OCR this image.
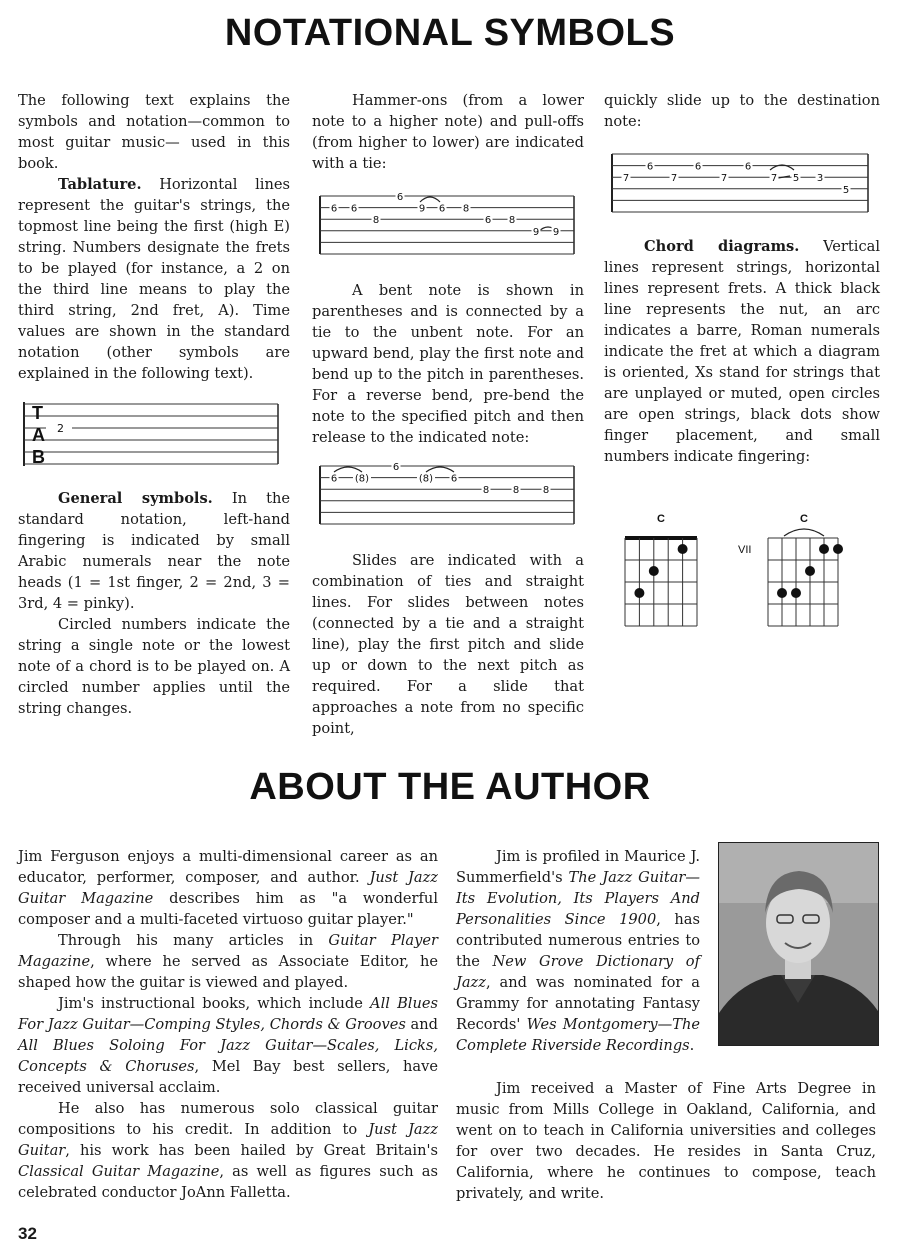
NOTATIONAL SYMBOLS

The following text explains the symbols and notation—common to most guitar music— used in this book.

Tablature. Horizontal lines represent the guitar's strings, the topmost line being the first (high E) string. Numbers designate the frets to be played (for instance, a 2 on the third line means to play the third string, 2nd fret, A). Time values are shown in the standard notation (other symbols are explained in the following text).

T
A
B
2

General symbols. In the standard notation, left-hand fingering is indicated by small Arabic numerals near the note heads (1 = 1st finger, 2 = 2nd, 3 = 3rd, 4 = pinky).

Circled numbers indicate the string a single note or the lowest note of a chord is to be played on. A circled number applies until the string changes.

Hammer-ons (from a lower note to a higher note) and pull-offs (from higher to lower) are indicated with a tie:

6 6
8
6
9 6 8
6 8
9 9

A bent note is shown in parentheses and is connected by a tie to the unbent note. For an upward bend, play the first note and bend up to the pitch in parentheses. For a reverse bend, pre-bend the note to the specified pitch and then release to the indicated note:

6 (8)
6
(8) 6
8 8 8

Slides are indicated with a combination of ties and straight lines. For slides between notes (connected by a tie and a straight line), play the first pitch and slide up or down to the next pitch as required. For a slide that approaches a note from no specific point,

quickly slide up to the destination note:

7
6
7
6
7
6
7 5 3
5

Chord diagrams. Vertical lines represent strings, horizontal lines represent frets. A thick black line represents the nut, an arc indicates a barre, Roman numerals indicate the fret at which a diagram is oriented, Xs stand for strings that are unplayed or muted, open circles are open strings, black dots show finger placement, and small numbers indicate fingering:

C	C
VII
ABOUT THE AUTHOR

Jim Ferguson enjoys a multi-dimensional career as an educator, performer, composer, and author. Just Jazz Guitar Magazine describes him as "a wonderful composer and a multi-faceted virtuoso guitar player."

Through his many articles in Guitar Player Magazine, where he served as Associate Editor, he shaped how the guitar is viewed and played.

Jim's instructional books, which include All Blues For Jazz Guitar—Comping Styles, Chords & Grooves and All Blues Soloing For Jazz Guitar—Scales, Licks, Concepts & Choruses, Mel Bay best sellers, have received universal acclaim.

He also has numerous solo classical guitar compositions to his credit. In addition to Just Jazz Guitar, his work has been hailed by Great Britain's Classical Guitar Magazine, as well as figures such as celebrated conductor JoAnn Falletta.

Jim is profiled in Maurice J. Summerfield's The Jazz Guitar—Its Evolution, Its Players And Personalities Since 1900, has contributed numerous entries to the New Grove Dictionary of Jazz, and was nominated for a Grammy for annotating Fantasy Records' Wes Montgomery—The Complete Riverside Recordings.

Jim received a Master of Fine Arts Degree in music from Mills College in Oakland, California, and went on to teach in California universities and colleges for over two decades. He resides in Santa Cruz, California, where he continues to compose, teach privately, and write.

32
